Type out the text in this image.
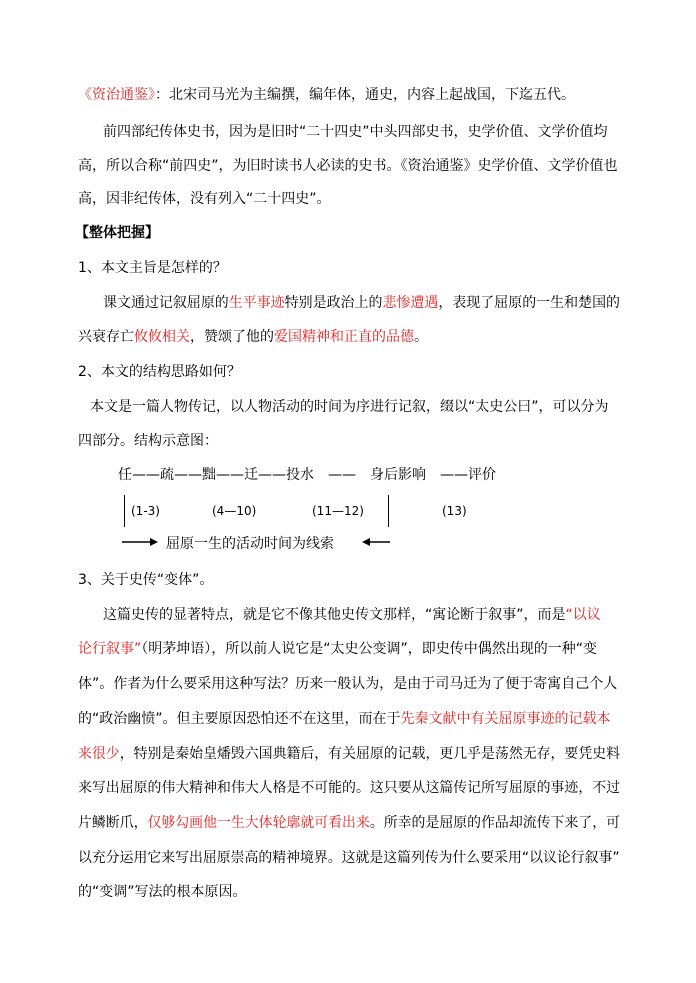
《资治通鉴》：北宋司马光为主编撰，编年体，通史，内容上起战国，下迄五代。
前四部纪传体史书，因为是旧时“二十四史”中头四部史书，史学价值、文学价值均
高，所以合称“前四史”，为旧时读书人必读的史书。《资治通鉴》史学价值、文学价值也
高，因非纪传体，没有列入“二十四史”。
【整体把握】
1、本文主旨是怎样的？
课文通过记叙屈原的生平事迹特别是政治上的悲惨遭遇，表现了屈原的一生和楚国的
兴衰存亡攸攸相关，赞颂了他的爱国精神和正直的品德。
2、本文的结构思路如何？
本文是一篇人物传记，以人物活动的时间为序进行记叙，缀以“太史公曰”，可以分为
四部分。结构示意图：
任——疏——黜——迁——投水　——　身后影响　——评价
(1-3)	(4—10)	(11—12)	(13)
屈原一生的活动时间为线索
3、关于史传“变体”。
这篇史传的显著特点，就是它不像其他史传文那样，“寓论断于叙事”，而是“以议
论行叙事”（明茅坤语），所以前人说它是“太史公变调”，即史传中偶然出现的一种“变
体”。作者为什么要采用这种写法？历来一般认为，是由于司马迁为了便于寄寓自己个人
的“政治幽愤”。但主要原因恐怕还不在这里，而在于先秦文献中有关屈原事迹的记载本
来很少，特别是秦始皇燔毁六国典籍后，有关屈原的记载，更几乎是荡然无存，要凭史料
来写出屈原的伟大精神和伟大人格是不可能的。这只要从这篇传记所写屈原的事迹，不过
片鳞断爪，仅够勾画他一生大体轮廓就可看出来。所幸的是屈原的作品却流传下来了，可
以充分运用它来写出屈原崇高的精神境界。这就是这篇列传为什么要采用“以议论行叙事”
的“变调”写法的根本原因。
